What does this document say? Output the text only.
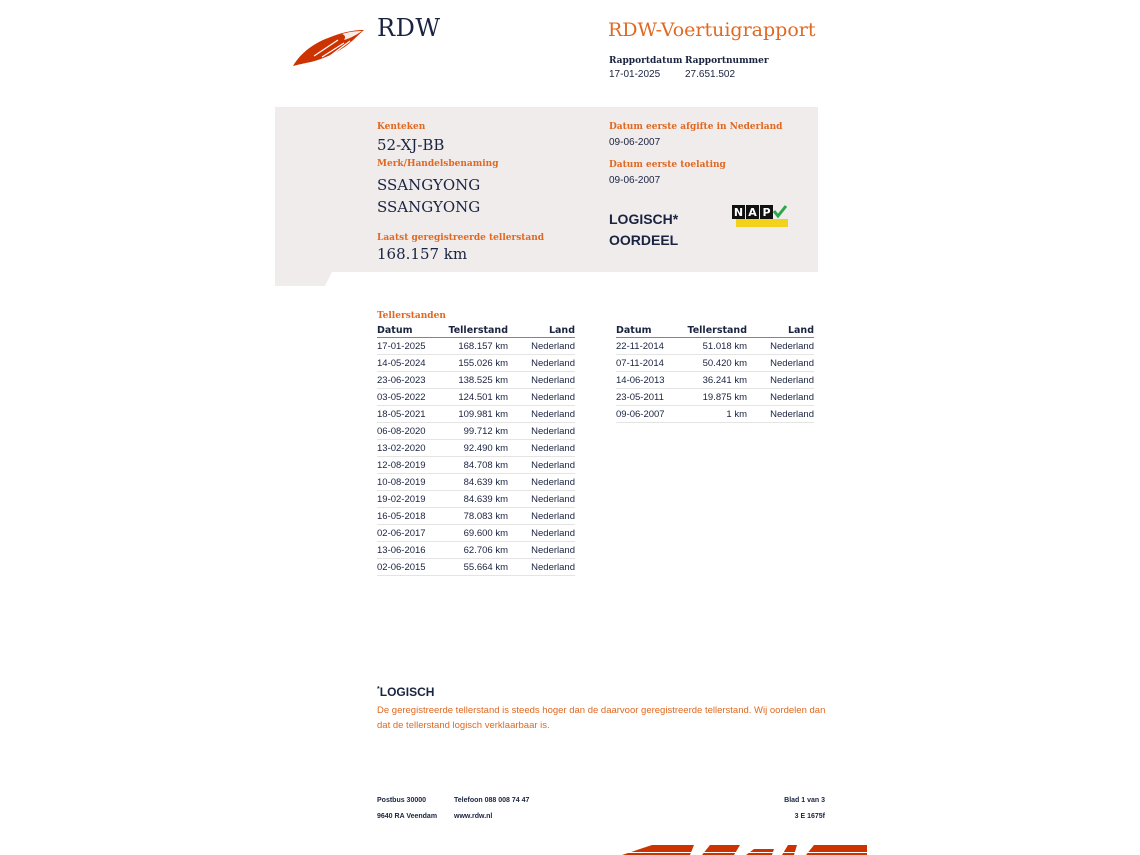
RDW	RDW-Voertuigrapport
Rapportdatum
17-01-2025
Rapportnummer
27.651.502
Kenteken
52-XJ-BB
Merk/Handelsbenaming
SSANGYONG
SSANGYONG
Laatst geregistreerde tellerstand
168.157 km
Datum eerste afgifte in Nederland
09-06-2007
Datum eerste toelating
09-06-2007
LOGISCH*
OORDEEL
N A P
Tellerstanden
Datum	Tellerstand	Land
17-01-2025	168.157 km	Nederland
14-05-2024	155.026 km	Nederland
23-06-2023	138.525 km	Nederland
03-05-2022	124.501 km	Nederland
18-05-2021	109.981 km	Nederland
06-08-2020	99.712 km	Nederland
13-02-2020	92.490 km	Nederland
12-08-2019	84.708 km	Nederland
10-08-2019	84.639 km	Nederland
19-02-2019	84.639 km	Nederland
16-05-2018	78.083 km	Nederland
02-06-2017	69.600 km	Nederland
13-06-2016	62.706 km	Nederland
02-06-2015	55.664 km	Nederland
Datum	Tellerstand	Land
22-11-2014	51.018 km	Nederland
07-11-2014	50.420 km	Nederland
14-06-2013	36.241 km	Nederland
23-05-2011	19.875 km	Nederland
09-06-2007	1 km	Nederland
*LOGISCH
De geregistreerde tellerstand is steeds hoger dan de daarvoor geregistreerde tellerstand. Wij oordelen dan dat de tellerstand logisch verklaarbaar is.
Postbus 30000
9640 RA Veendam
Telefoon 088 008 74 47
www.rdw.nl
Blad 1 van 3
3 E 1675f
